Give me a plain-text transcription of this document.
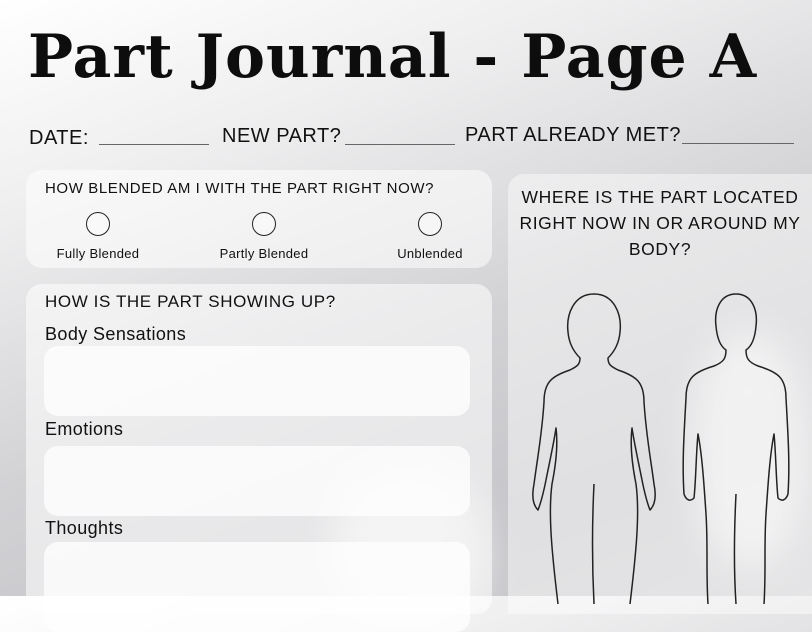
Part Journal - Page A
DATE:	NEW PART?	PART ALREADY MET?
HOW BLENDED AM I WITH THE PART RIGHT NOW?
Fully Blended	Partly Blended	Unblended
HOW IS THE PART SHOWING UP?
Body Sensations
Emotions
Thoughts
WHERE IS THE PART LOCATED RIGHT NOW IN OR AROUND MY BODY?
